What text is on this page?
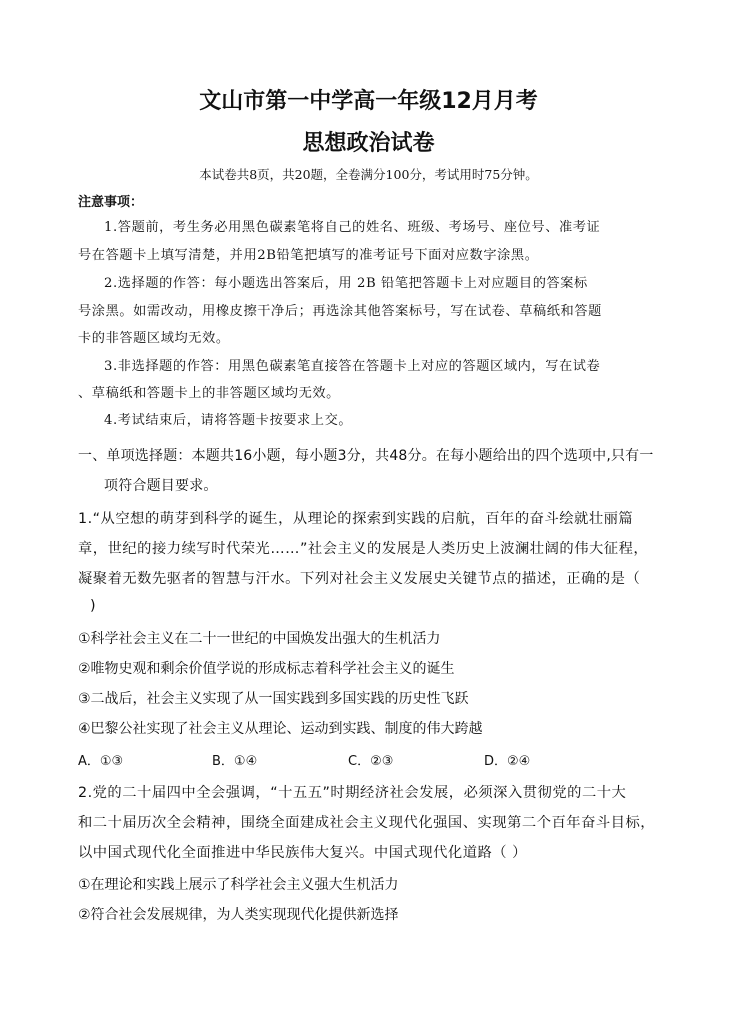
文山市第一中学高一年级12月月考
思想政治试卷
本试卷共8页，共20题，全卷满分100分，考试用时75分钟。
注意事项：
1.答题前，考生务必用黑色碳素笔将自己的姓名、班级、考场号、座位号、准考证
号在答题卡上填写清楚，并用2B铅笔把填写的准考证号下面对应数字涂黑。
2.选择题的作答：每小题选出答案后，用 2B 铅笔把答题卡上对应题目的答案标
号涂黑。如需改动，用橡皮擦干净后；再选涂其他答案标号，写在试卷、草稿纸和答题
卡的非答题区域均无效。
3.非选择题的作答：用黑色碳素笔直接答在答题卡上对应的答题区域内，写在试卷
、草稿纸和答题卡上的非答题区域均无效。
4.考试结束后，请将答题卡按要求上交。
一、单项选择题：本题共16小题，每小题3分，共48分。在每小题给出的四个选项中,只有一
项符合题目要求。
1.“从空想的萌芽到科学的诞生，从理论的探索到实践的启航，百年的奋斗绘就壮丽篇
章，世纪的接力续写时代荣光……”社会主义的发展是人类历史上波澜壮阔的伟大征程，
凝聚着无数先驱者的智慧与汗水。下列对社会主义发展史关键节点的描述，正确的是（
)
①科学社会主义在二十一世纪的中国焕发出强大的生机活力
②唯物史观和剩余价值学说的形成标志着科学社会主义的诞生
③二战后，社会主义实现了从一国实践到多国实践的历史性飞跃
④巴黎公社实现了社会主义从理论、运动到实践、制度的伟大跨越
A．①③	B．①④	C．②③	D．②④
2.党的二十届四中全会强调，“十五五”时期经济社会发展，必须深入贯彻党的二十大
和二十届历次全会精神，围绕全面建成社会主义现代化强国、实现第二个百年奋斗目标，
以中国式现代化全面推进中华民族伟大复兴。中国式现代化道路（ ）
①在理论和实践上展示了科学社会主义强大生机活力
②符合社会发展规律，为人类实现现代化提供新选择
